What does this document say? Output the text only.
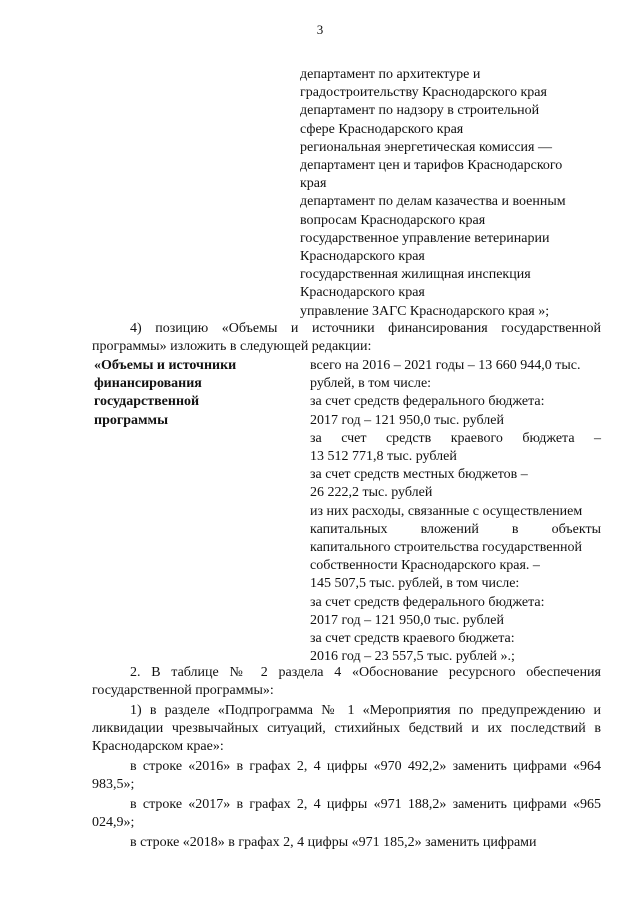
3
департамент по архитектуре и
градостроительству Краснодарского края
департамент по надзору в строительной
сфере Краснодарского края
региональная энергетическая комиссия —
департамент цен и тарифов Краснодарского
края
департамент по делам казачества и военным
вопросам Краснодарского края
государственное управление ветеринарии
Краснодарского края
государственная жилищная инспекция
Краснодарского края
управление ЗАГС Краснодарского края »;
4) позицию «Объемы и источники финансирования государственной программы» изложить в следующей редакции:
«Объемы и источники
финансирования
государственной
программы
всего на 2016 – 2021 годы – 13 660 944,0 тыс.
рублей, в том числе:
за счет средств федерального бюджета:
2017 год – 121 950,0 тыс. рублей
за счет средств краевого бюджета –
13 512 771,8 тыс. рублей
за счет средств местных бюджетов –
26 222,2 тыс. рублей
из них расходы, связанные с осуществлением
капитальных вложений в объекты
капитального строительства государственной
собственности Краснодарского края. –
145 507,5 тыс. рублей, в том числе:
за счет средств федерального бюджета:
2017 год – 121 950,0 тыс. рублей
за счет средств краевого бюджета:
2016 год – 23 557,5 тыс. рублей ».;
2. В таблице № 2 раздела 4 «Обоснование ресурсного обеспечения государственной программы»:
1) в разделе «Подпрограмма № 1 «Мероприятия по предупреждению и ликвидации чрезвычайных ситуаций, стихийных бедствий и их последствий в Краснодарском крае»:
в строке «2016» в графах 2, 4 цифры «970 492,2» заменить цифрами «964 983,5»;
в строке «2017» в графах 2, 4 цифры «971 188,2» заменить цифрами «965 024,9»;
в строке «2018» в графах 2, 4 цифры «971 185,2» заменить цифрами
